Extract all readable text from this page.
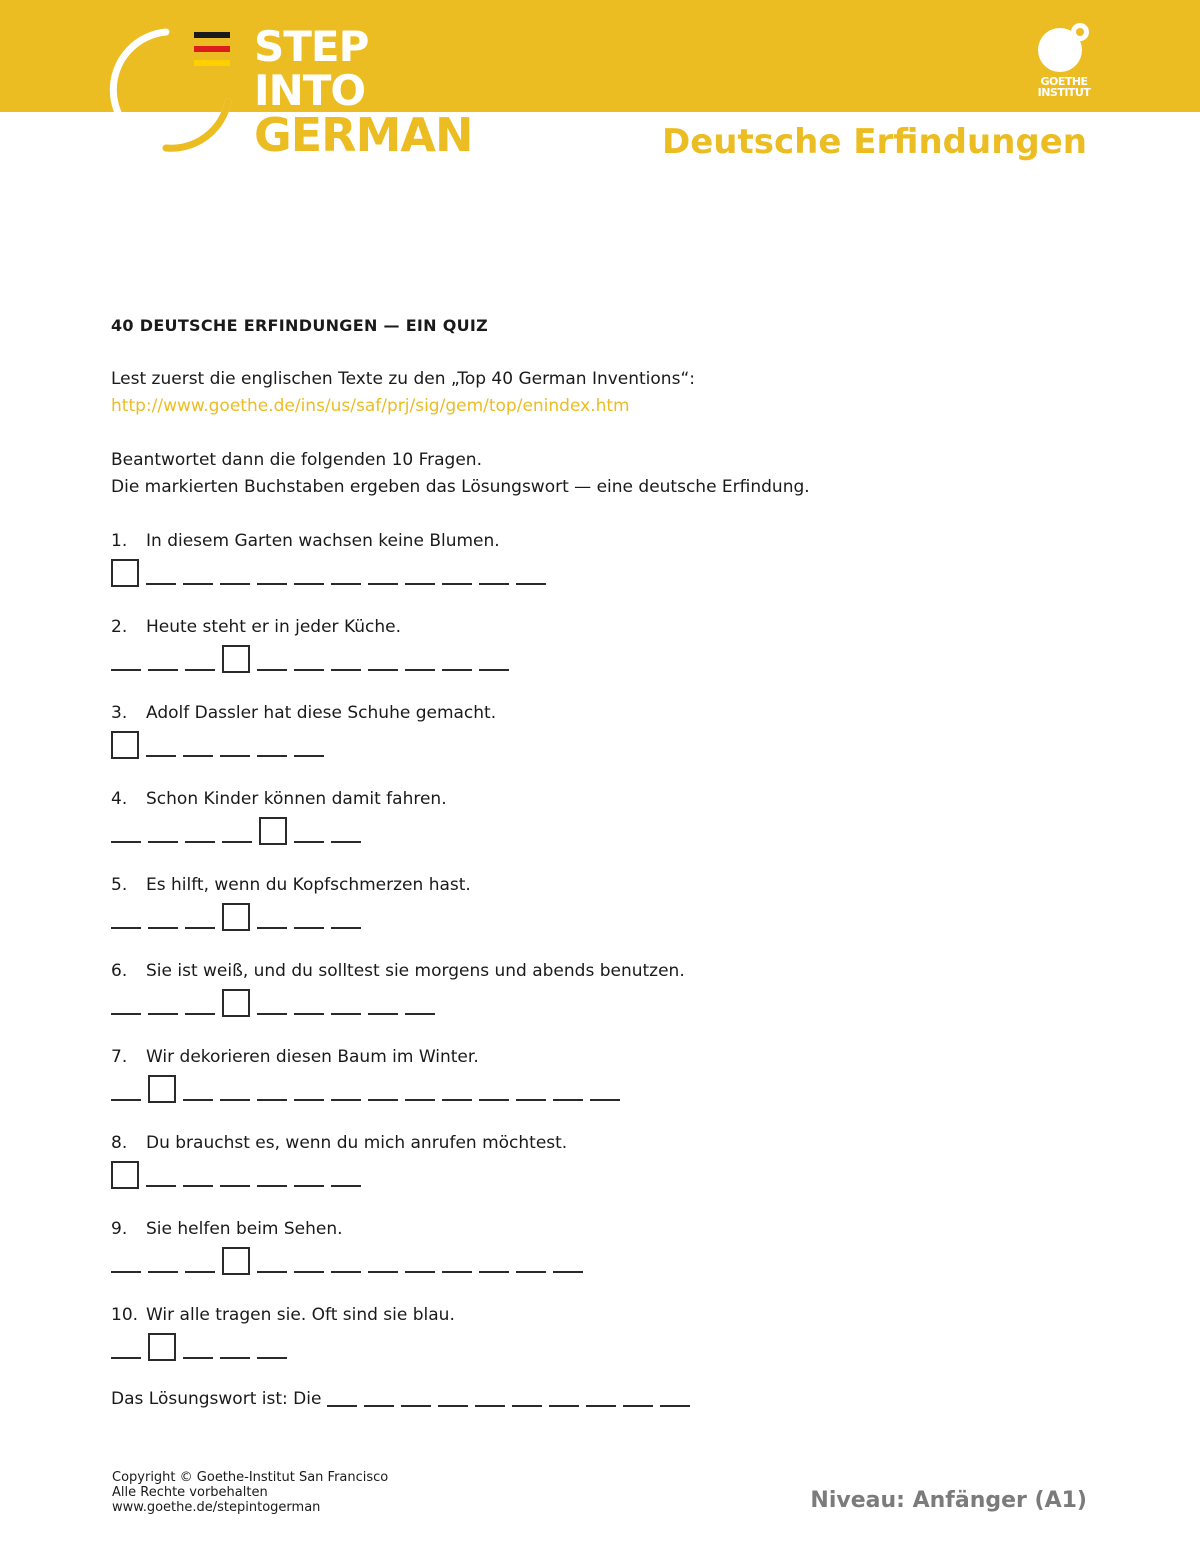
STEP
INTO
GERMAN
GOETHE
INSTITUT
Deutsche Erfindungen
40 DEUTSCHE ERFINDUNGEN — EIN QUIZ

Lest zuerst die englischen Texte zu den „Top 40 German Inventions“:

http://www.goethe.de/ins/us/saf/prj/sig/gem/top/enindex.htm

Beantwortet dann die folgenden 10 Fragen.

Die markierten Buchstaben ergeben das Lösungswort — eine deutsche Erfindung.

1. In diesem Garten wachsen keine Blumen.
2. Heute steht er in jeder Küche.
3. Adolf Dassler hat diese Schuhe gemacht.
4. Schon Kinder können damit fahren.
5. Es hilft, wenn du Kopfschmerzen hast.
6. Sie ist weiß, und du solltest sie morgens und abends benutzen.
7. Wir dekorieren diesen Baum im Winter.
8. Du brauchst es, wenn du mich anrufen möchtest.
9. Sie helfen beim Sehen.
10. Wir alle tragen sie. Oft sind sie blau.
Das Lösungswort ist: Die
Copyright © Goethe-Institut San Francisco
Alle Rechte vorbehalten
www.goethe.de/stepintogerman	Niveau: Anfänger (A1)
